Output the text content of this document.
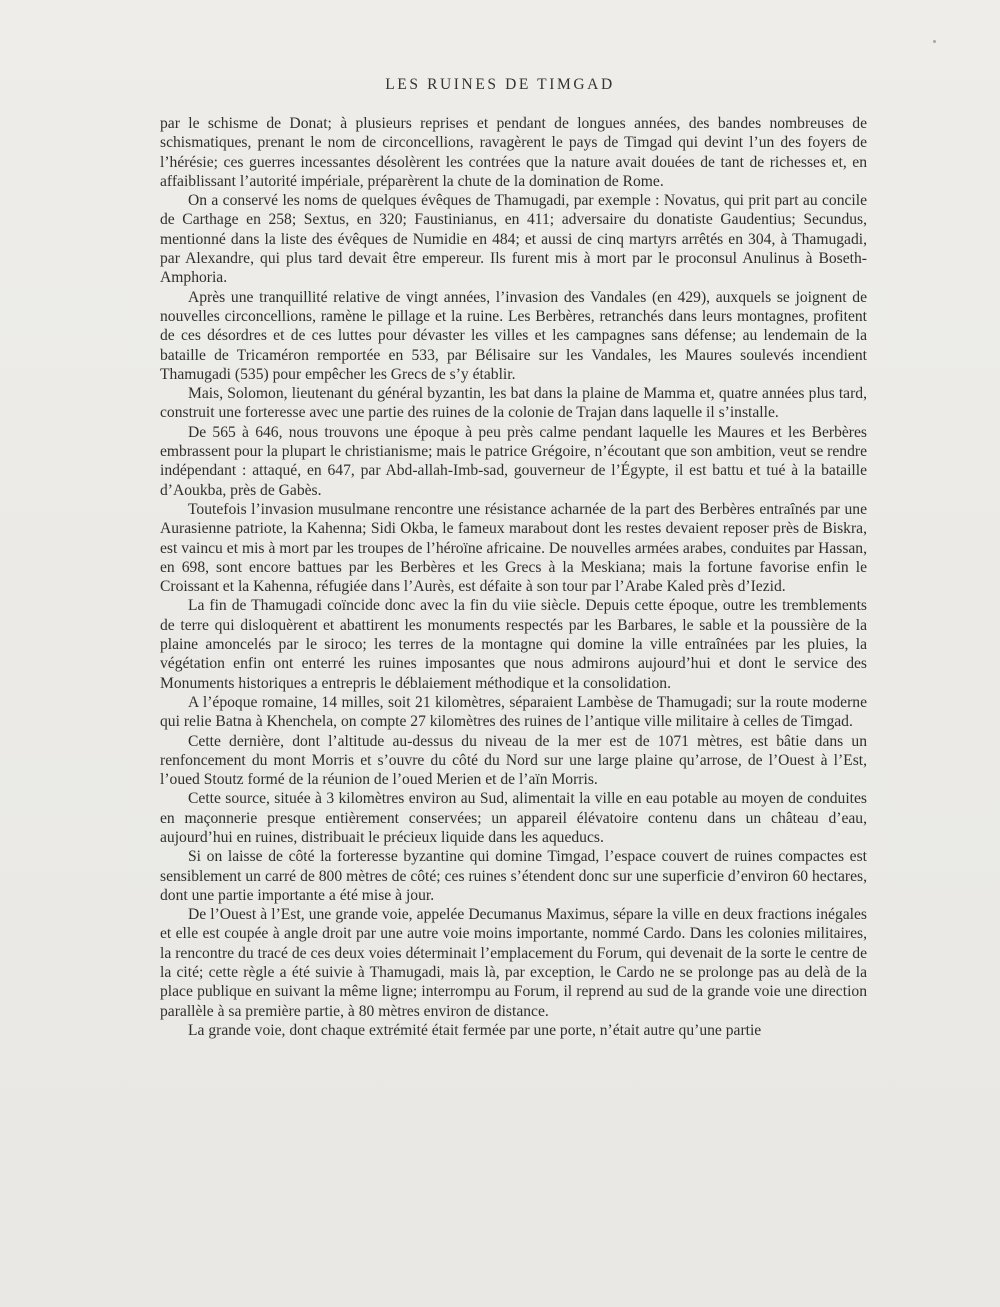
LES RUINES DE TIMGAD

par le schisme de Donat; à plusieurs reprises et pendant de longues années, des bandes nombreuses de schismatiques, prenant le nom de circoncellions, ravagèrent le pays de Timgad qui devint l’un des foyers de l’hérésie; ces guerres incessantes désolèrent les contrées que la nature avait douées de tant de richesses et, en affaiblissant l’autorité impériale, préparèrent la chute de la domination de Rome.

On a conservé les noms de quelques évêques de Thamugadi, par exemple : Novatus, qui prit part au concile de Carthage en 258; Sextus, en 320; Faustinianus, en 411; adversaire du donatiste Gaudentius; Secundus, mentionné dans la liste des évêques de Numidie en 484; et aussi de cinq martyrs arrêtés en 304, à Thamugadi, par Alexandre, qui plus tard devait être empereur. Ils furent mis à mort par le proconsul Anulinus à Boseth-Amphoria.

Après une tranquillité relative de vingt années, l’invasion des Vandales (en 429), auxquels se joignent de nouvelles circoncellions, ramène le pillage et la ruine. Les Berbères, retranchés dans leurs montagnes, profitent de ces désordres et de ces luttes pour dévaster les villes et les campagnes sans défense; au lendemain de la bataille de Tricaméron remportée en 533, par Bélisaire sur les Vandales, les Maures soulevés incendient Thamugadi (535) pour empêcher les Grecs de s’y établir.

Mais, Solomon, lieutenant du général byzantin, les bat dans la plaine de Mamma et, quatre années plus tard, construit une forteresse avec une partie des ruines de la colonie de Trajan dans laquelle il s’installe.

De 565 à 646, nous trouvons une époque à peu près calme pendant laquelle les Maures et les Berbères embrassent pour la plupart le christianisme; mais le patrice Grégoire, n’écoutant que son ambition, veut se rendre indépendant : attaqué, en 647, par Abd-allah-Imb-sad, gouverneur de l’Égypte, il est battu et tué à la bataille d’Aoukba, près de Gabès.

Toutefois l’invasion musulmane rencontre une résistance acharnée de la part des Berbères entraînés par une Aurasienne patriote, la Kahenna; Sidi Okba, le fameux marabout dont les restes devaient reposer près de Biskra, est vaincu et mis à mort par les troupes de l’héroïne africaine. De nouvelles armées arabes, conduites par Hassan, en 698, sont encore battues par les Berbères et les Grecs à la Meskiana; mais la fortune favorise enfin le Croissant et la Kahenna, réfugiée dans l’Aurès, est défaite à son tour par l’Arabe Kaled près d’Iezid.

La fin de Thamugadi coïncide donc avec la fin du viie siècle. Depuis cette époque, outre les tremblements de terre qui disloquèrent et abattirent les monuments respectés par les Barbares, le sable et la poussière de la plaine amoncelés par le siroco; les terres de la montagne qui domine la ville entraînées par les pluies, la végétation enfin ont enterré les ruines imposantes que nous admirons aujourd’hui et dont le service des Monuments historiques a entrepris le déblaiement méthodique et la consolidation.

A l’époque romaine, 14 milles, soit 21 kilomètres, séparaient Lambèse de Thamugadi; sur la route moderne qui relie Batna à Khenchela, on compte 27 kilomètres des ruines de l’antique ville militaire à celles de Timgad.

Cette dernière, dont l’altitude au-dessus du niveau de la mer est de 1071 mètres, est bâtie dans un renfoncement du mont Morris et s’ouvre du côté du Nord sur une large plaine qu’arrose, de l’Ouest à l’Est, l’oued Stoutz formé de la réunion de l’oued Merien et de l’aïn Morris.

Cette source, située à 3 kilomètres environ au Sud, alimentait la ville en eau potable au moyen de conduites en maçonnerie presque entièrement conservées; un appareil élévatoire contenu dans un château d’eau, aujourd’hui en ruines, distribuait le précieux liquide dans les aqueducs.

Si on laisse de côté la forteresse byzantine qui domine Timgad, l’espace couvert de ruines compactes est sensiblement un carré de 800 mètres de côté; ces ruines s’étendent donc sur une superficie d’environ 60 hectares, dont une partie importante a été mise à jour.

De l’Ouest à l’Est, une grande voie, appelée Decumanus Maximus, sépare la ville en deux fractions inégales et elle est coupée à angle droit par une autre voie moins importante, nommé Cardo. Dans les colonies militaires, la rencontre du tracé de ces deux voies déterminait l’emplacement du Forum, qui devenait de la sorte le centre de la cité; cette règle a été suivie à Thamugadi, mais là, par exception, le Cardo ne se prolonge pas au delà de la place publique en suivant la même ligne; interrompu au Forum, il reprend au sud de la grande voie une direction parallèle à sa première partie, à 80 mètres environ de distance.

La grande voie, dont chaque extrémité était fermée par une porte, n’était autre qu’une partie
